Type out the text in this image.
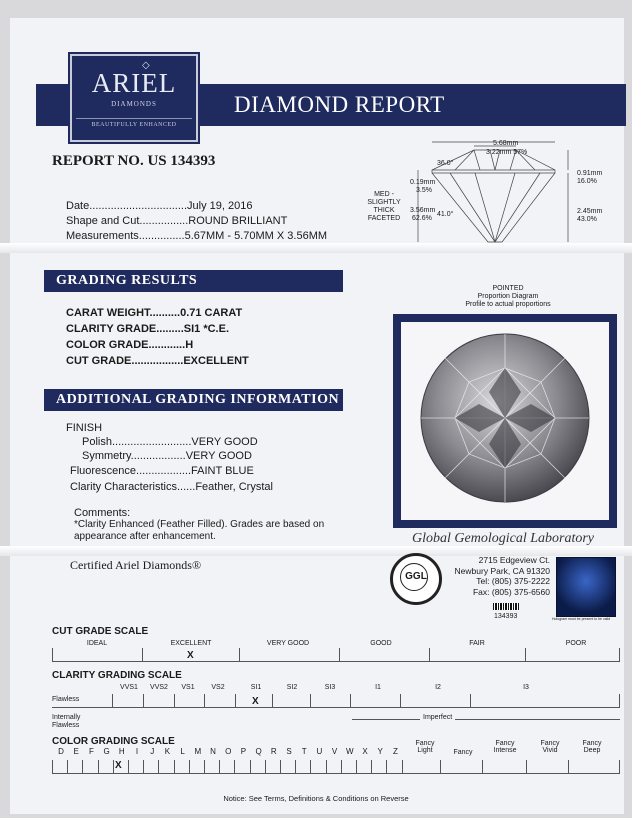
ARIEL
DIAMONDS
BEAUTIFULLY ENHANCED
◇
DIAMOND REPORT
REPORT NO. US 134393
5.68mm
3.22mm 57%
36.0°
0.19mm
3.5%
MED -
SLIGHTLY
THICK
FACETED
3.56mm
62.6%
41.0°
0.91mm
16.0%
2.45mm
43.0%
Date................................July 19, 2016
Shape and Cut................ROUND BRILLIANT
Measurements...............5.67MM - 5.70MM X 3.56MM
GRADING RESULTS
CARAT WEIGHT..........0.71 CARAT
CLARITY GRADE.........SI1 *C.E.
COLOR GRADE............H
CUT GRADE.................EXCELLENT
ADDITIONAL GRADING INFORMATION
FINISH
Polish..........................VERY GOOD
Symmetry..................VERY GOOD
Fluorescence..................FAINT BLUE
Clarity Characteristics......Feather, Crystal
Comments:
*Clarity Enhanced (Feather Filled). Grades are based on
appearance after enhancement.
POINTED
Proportion Diagram
Profile to actual proportions
Global Gemological Laboratory
Certified Ariel Diamonds®
GGL
2715 Edgeview Ct.
Newbury Park, CA 91320
Tel: (805) 375-2222
Fax: (805) 375-6560
134393	Hologram must be present to be valid
CUT GRADE SCALE
IDEAL	EXCELLENT	VERY GOOD	GOOD	FAIR	POOR
X
CLARITY GRADING SCALE
VVS1 VVS2	VS1	VS2	SI1	SI2	SI3	I1	I2	I3
Flawless	X
Internally
Flawless
Imperfect
COLOR GRADING SCALE
D E	F	G H	I	J	K	L	M N O P Q R S	T	U V W X Y	Z
Fancy
Light	Fancy
Fancy
Intense
Fancy
Vivid
Fancy
Deep
X
Notice: See Terms, Definitions & Conditions on Reverse
